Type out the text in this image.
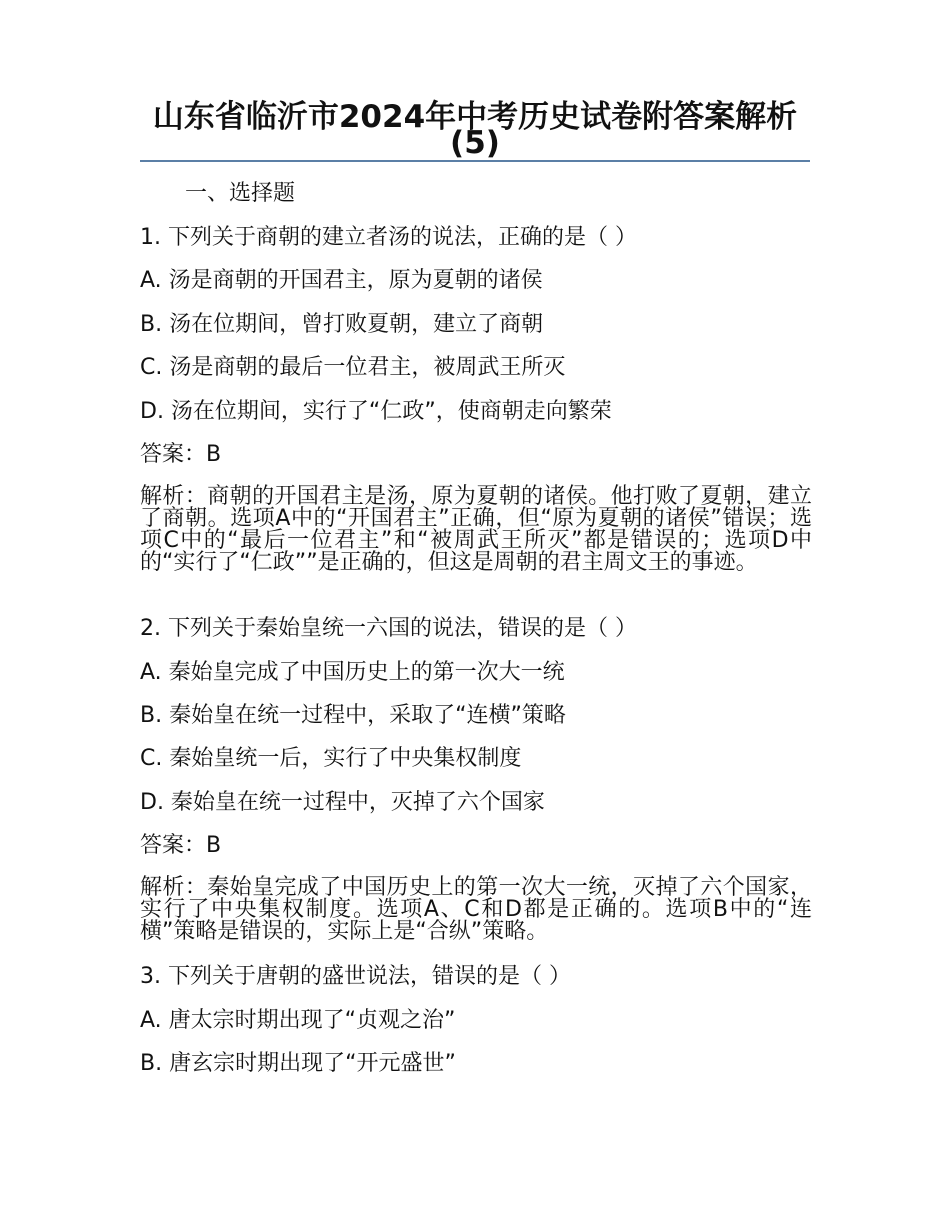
山东省临沂市2024年中考历史试卷附答案解析(5)
一、选择题
1. 下列关于商朝的建立者汤的说法，正确的是（ ）
A. 汤是商朝的开国君主，原为夏朝的诸侯
B. 汤在位期间，曾打败夏朝，建立了商朝
C. 汤是商朝的最后一位君主，被周武王所灭
D. 汤在位期间，实行了“仁政”，使商朝走向繁荣
答案：B
解析：商朝的开国君主是汤，原为夏朝的诸侯。他打败了夏朝，建立了商朝。选项A中的“开国君主”正确，但“原为夏朝的诸侯”错误；选项C中的“最后一位君主”和“被周武王所灭”都是错误的；选项D中的“实行了“仁政””是正确的，但这是周朝的君主周文王的事迹。
2. 下列关于秦始皇统一六国的说法，错误的是（ ）
A. 秦始皇完成了中国历史上的第一次大一统
B. 秦始皇在统一过程中，采取了“连横”策略
C. 秦始皇统一后，实行了中央集权制度
D. 秦始皇在统一过程中，灭掉了六个国家
答案：B
解析：秦始皇完成了中国历史上的第一次大一统，灭掉了六个国家，实行了中央集权制度。选项A、C和D都是正确的。选项B中的“连横”策略是错误的，实际上是“合纵”策略。
3. 下列关于唐朝的盛世说法，错误的是（ ）
A. 唐太宗时期出现了“贞观之治”
B. 唐玄宗时期出现了“开元盛世”
